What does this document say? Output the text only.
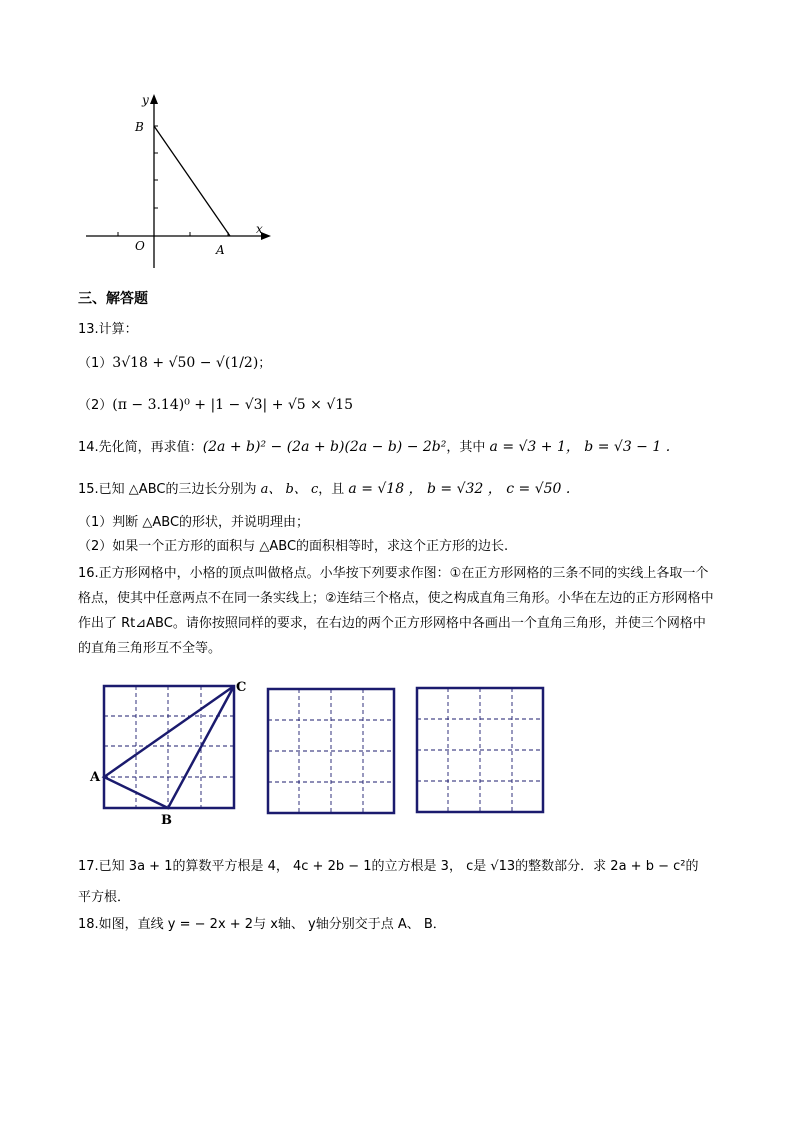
y
x
B
O	A
三、解答题
13.计算：
（1）3√18 + √50 − √(1/2)；
（2）(π − 3.14)⁰ + |1 − √3| + √5 × √15
14.先化简，再求值：(2a + b)² − (2a + b)(2a − b) − 2b²，其中 a = √3 + 1， b = √3 − 1 .
15.已知 △ABC的三边长分别为 a、 b、 c，且 a = √18 ， b = √32 ， c = √50 .
（1）判断 △ABC的形状，并说明理由；
（2）如果一个正方形的面积与 △ABC的面积相等时，求这个正方形的边长.
16.正方形网格中，小格的顶点叫做格点。小华按下列要求作图：①在正方形网格的三条不同的实线上各取一个格点，使其中任意两点不在同一条实线上；②连结三个格点，使之构成直角三角形。小华在左边的正方形网格中作出了 Rt⊿ABC。请你按照同样的要求，在右边的两个正方形网格中各画出一个直角三角形，并使三个网格中的直角三角形互不全等。
A
B
C
17.已知 3a + 1的算数平方根是 4， 4c + 2b − 1的立方根是 3， c是 √13的整数部分．求 2a + b − c²的
平方根．
18.如图，直线 y = − 2x + 2与 x轴、 y轴分别交于点 A、 B．
